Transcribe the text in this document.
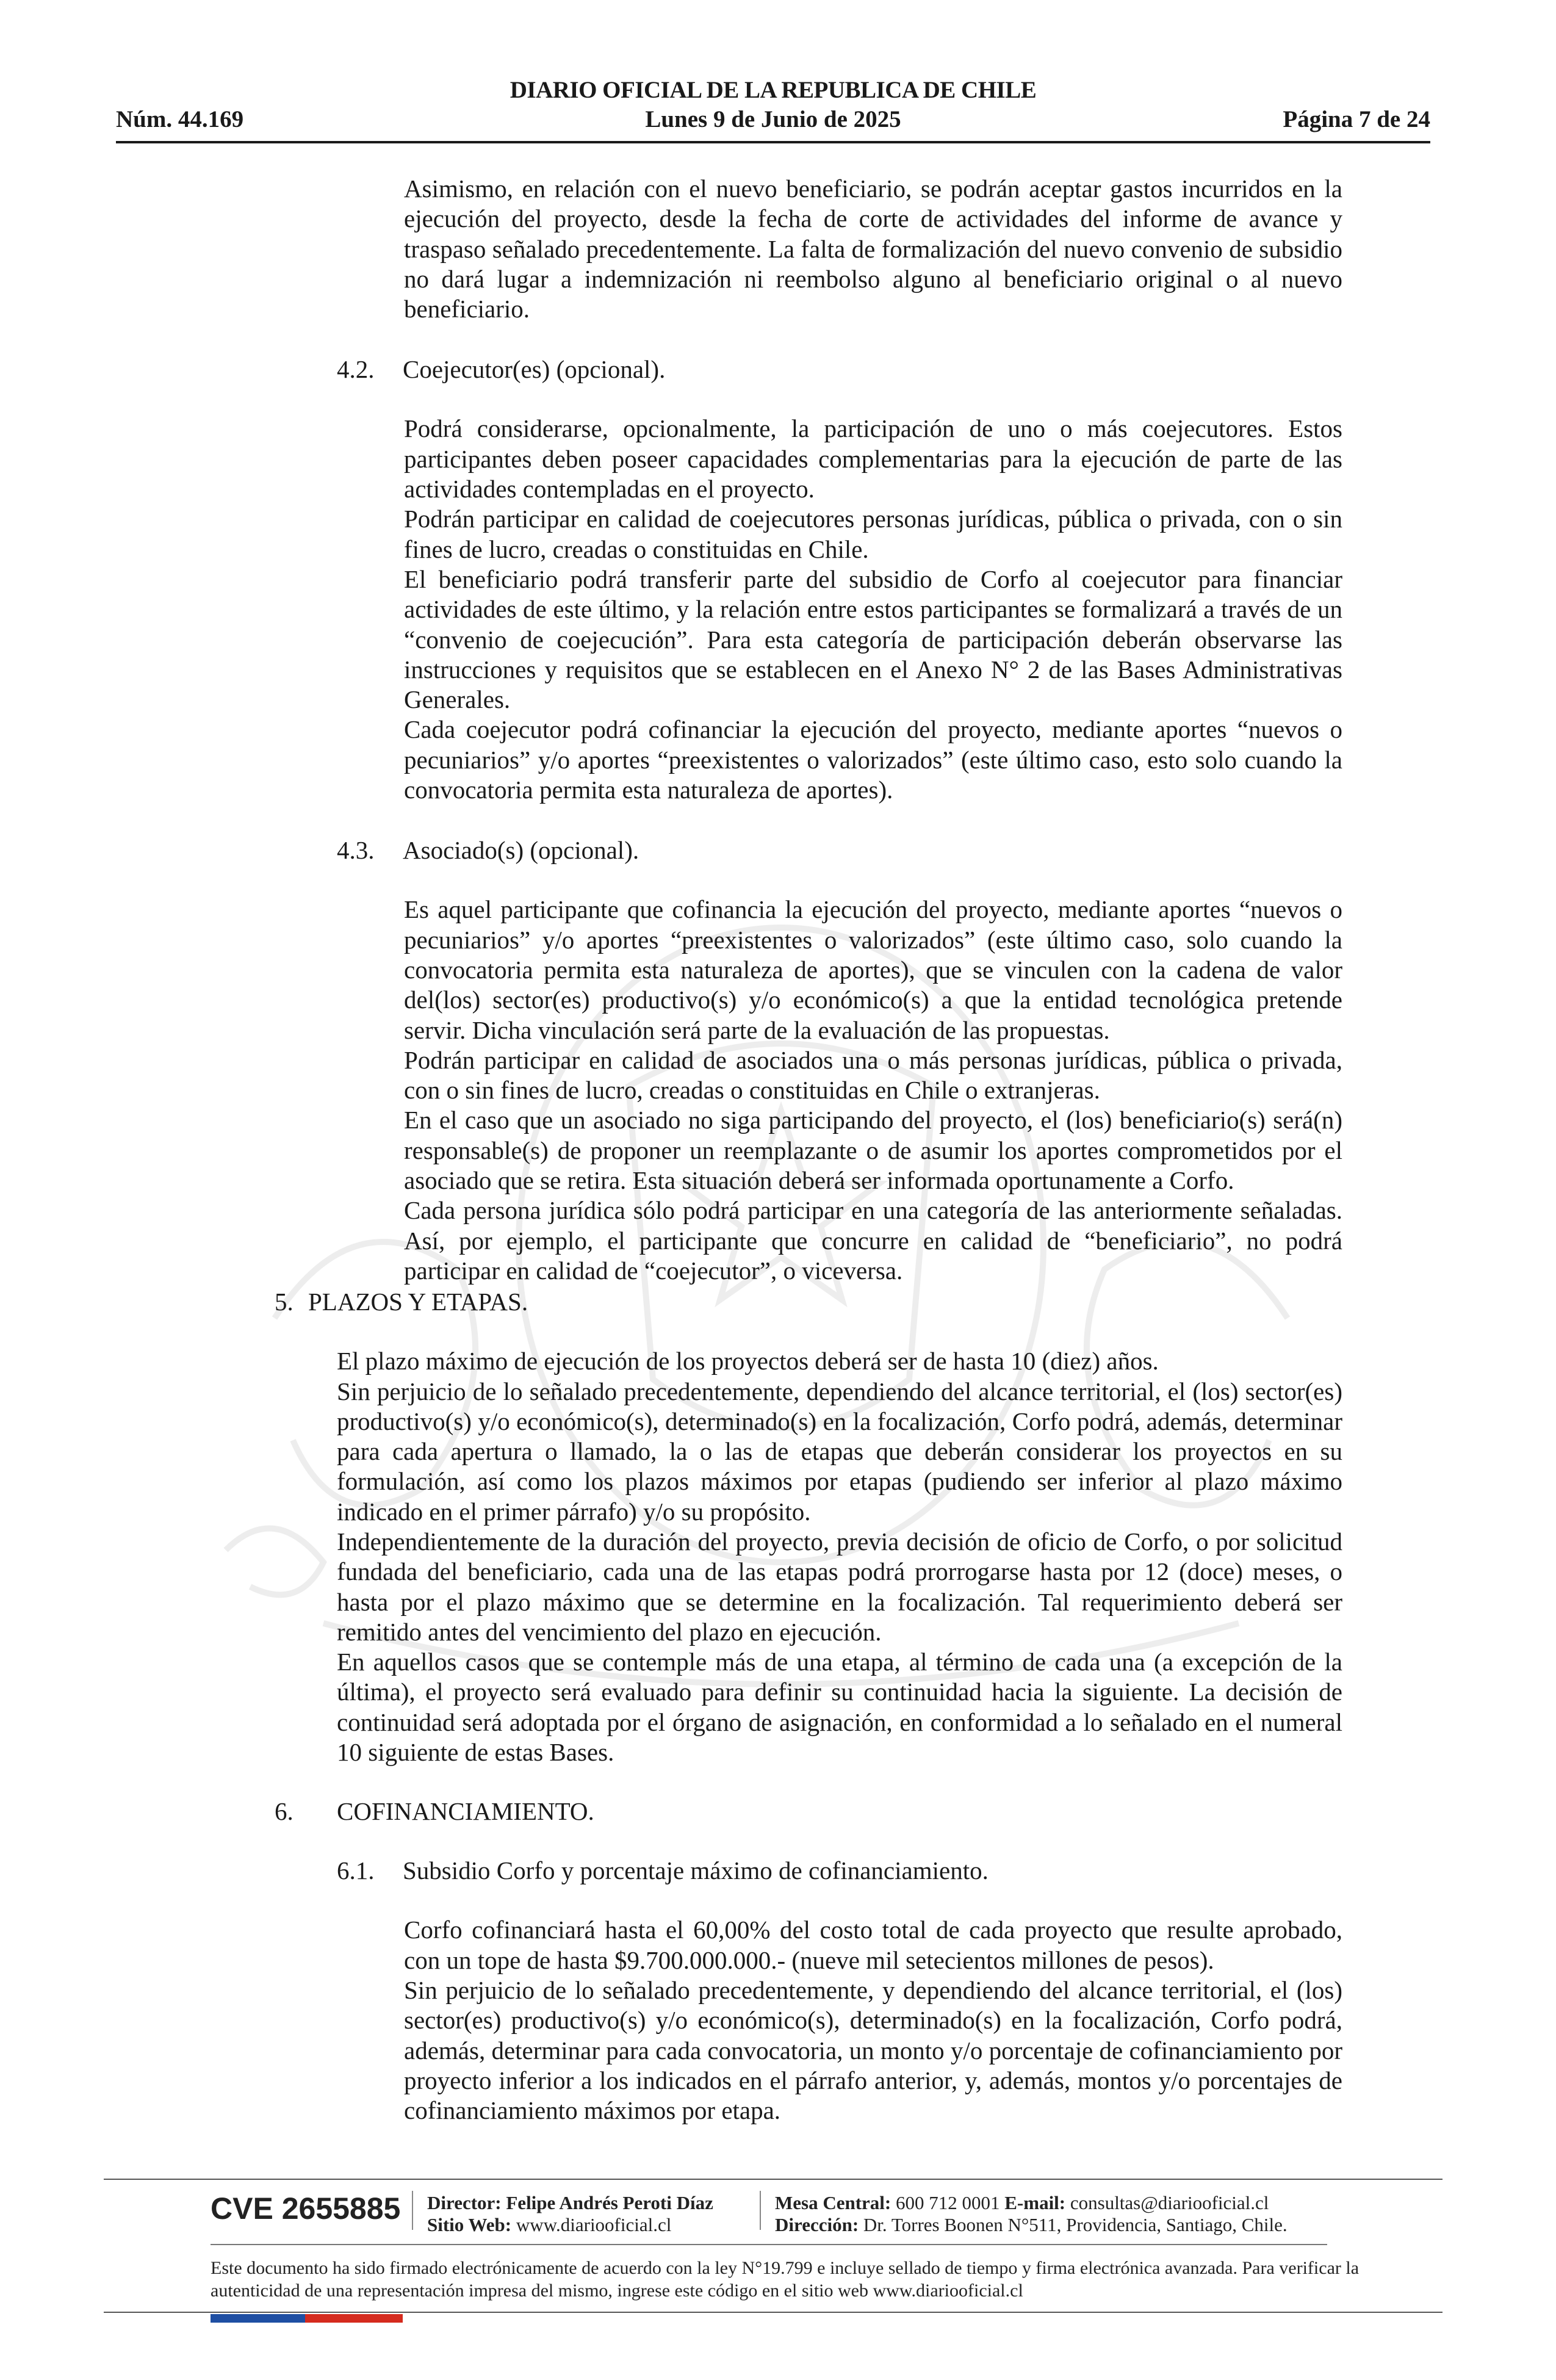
DIARIO OFICIAL DE LA REPUBLICA DE CHILE
Núm. 44.169	Lunes 9 de Junio de 2025	Página 7 de 24

Asimismo, en relación con el nuevo beneficiario, se podrán aceptar gastos incurridos en la ejecución del proyecto, desde la fecha de corte de actividades del informe de avance y traspaso señalado precedentemente. La falta de formalización del nuevo convenio de subsidio no dará lugar a indemnización ni reembolso alguno al beneficiario original o al nuevo beneficiario.

4.2. Coejecutor(es) (opcional).

Podrá considerarse, opcionalmente, la participación de uno o más coejecutores. Estos participantes deben poseer capacidades complementarias para la ejecución de parte de las actividades contempladas en el proyecto.

Podrán participar en calidad de coejecutores personas jurídicas, pública o privada, con o sin fines de lucro, creadas o constituidas en Chile.

El beneficiario podrá transferir parte del subsidio de Corfo al coejecutor para financiar actividades de este último, y la relación entre estos participantes se formalizará a través de un “convenio de coejecución”. Para esta categoría de participación deberán observarse las instrucciones y requisitos que se establecen en el Anexo N° 2 de las Bases Administrativas Generales.

Cada coejecutor podrá cofinanciar la ejecución del proyecto, mediante aportes “nuevos o pecuniarios” y/o aportes “preexistentes o valorizados” (este último caso, esto solo cuando la convocatoria permita esta naturaleza de aportes).

4.3. Asociado(s) (opcional).

Es aquel participante que cofinancia la ejecución del proyecto, mediante aportes “nuevos o pecuniarios” y/o aportes “preexistentes o valorizados” (este último caso, solo cuando la convocatoria permita esta naturaleza de aportes), que se vinculen con la cadena de valor del(los) sector(es) productivo(s) y/o económico(s) a que la entidad tecnológica pretende servir. Dicha vinculación será parte de la evaluación de las propuestas.

Podrán participar en calidad de asociados una o más personas jurídicas, pública o privada, con o sin fines de lucro, creadas o constituidas en Chile o extranjeras.

En el caso que un asociado no siga participando del proyecto, el (los) beneficiario(s) será(n) responsable(s) de proponer un reemplazante o de asumir los aportes comprometidos por el asociado que se retira. Esta situación deberá ser informada oportunamente a Corfo.

Cada persona jurídica sólo podrá participar en una categoría de las anteriormente señaladas. Así, por ejemplo, el participante que concurre en calidad de “beneficiario”, no podrá participar en calidad de “coejecutor”, o viceversa.

5. PLAZOS Y ETAPAS.

El plazo máximo de ejecución de los proyectos deberá ser de hasta 10 (diez) años.

Sin perjuicio de lo señalado precedentemente, dependiendo del alcance territorial, el (los) sector(es) productivo(s) y/o económico(s), determinado(s) en la focalización, Corfo podrá, además, determinar para cada apertura o llamado, la o las de etapas que deberán considerar los proyectos en su formulación, así como los plazos máximos por etapas (pudiendo ser inferior al plazo máximo indicado en el primer párrafo) y/o su propósito.

Independientemente de la duración del proyecto, previa decisión de oficio de Corfo, o por solicitud fundada del beneficiario, cada una de las etapas podrá prorrogarse hasta por 12 (doce) meses, o hasta por el plazo máximo que se determine en la focalización. Tal requerimiento deberá ser remitido antes del vencimiento del plazo en ejecución.

En aquellos casos que se contemple más de una etapa, al término de cada una (a excepción de la última), el proyecto será evaluado para definir su continuidad hacia la siguiente. La decisión de continuidad será adoptada por el órgano de asignación, en conformidad a lo señalado en el numeral 10 siguiente de estas Bases.

6. COFINANCIAMIENTO.
6.1. Subsidio Corfo y porcentaje máximo de cofinanciamiento.

Corfo cofinanciará hasta el 60,00% del costo total de cada proyecto que resulte aprobado, con un tope de hasta $9.700.000.000.- (nueve mil setecientos millones de pesos).

Sin perjuicio de lo señalado precedentemente, y dependiendo del alcance territorial, el (los) sector(es) productivo(s) y/o económico(s), determinado(s) en la focalización, Corfo podrá, además, determinar para cada convocatoria, un monto y/o porcentaje de cofinanciamiento por proyecto inferior a los indicados en el párrafo anterior, y, además, montos y/o porcentajes de cofinanciamiento máximos por etapa.

CVE 2655885 Director: Felipe Andrés Peroti Díaz
Sitio Web: www.diariooficial.cl
Mesa Central: 600 712 0001 E-mail: consultas@diariooficial.cl
Dirección: Dr. Torres Boonen N°511, Providencia, Santiago, Chile.
Este documento ha sido firmado electrónicamente de acuerdo con la ley N°19.799 e incluye sellado de tiempo y firma electrónica avanzada. Para verificar la autenticidad de una representación impresa del mismo, ingrese este código en el sitio web www.diariooficial.cl
